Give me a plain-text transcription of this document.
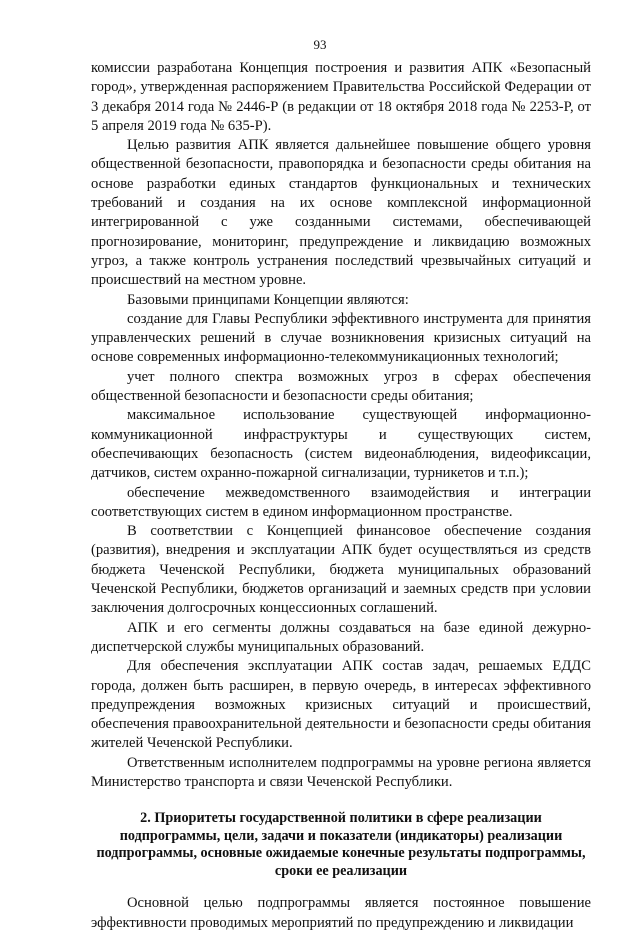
93

комиссии разработана Концепция построения и развития АПК «Безопасный город», утвержденная распоряжением Правительства Российской Федерации от 3 декабря 2014 года № 2446-Р (в редакции от 18 октября 2018 года № 2253-Р, от 5 апреля 2019 года № 635-Р).

Целью развития АПК является дальнейшее повышение общего уровня общественной безопасности, правопорядка и безопасности среды обитания на основе разработки единых стандартов функциональных и технических требований и создания на их основе комплексной информационной интегрированной с уже созданными системами, обеспечивающей прогнозирование, мониторинг, предупреждение и ликвидацию возможных угроз, а также контроль устранения последствий чрезвычайных ситуаций и происшествий на местном уровне.

Базовыми принципами Концепции являются:

создание для Главы Республики эффективного инструмента для принятия управленческих решений в случае возникновения кризисных ситуаций на основе современных информационно-телекоммуникационных технологий;

учет полного спектра возможных угроз в сферах обеспечения общественной безопасности и безопасности среды обитания;

максимальное использование существующей информационно-коммуникационной инфраструктуры и существующих систем, обеспечивающих безопасность (систем видеонаблюдения, видеофиксации, датчиков, систем охранно-пожарной сигнализации, турникетов и т.п.);

обеспечение межведомственного взаимодействия и интеграции соответствующих систем в едином информационном пространстве.

В соответствии с Концепцией финансовое обеспечение создания (развития), внедрения и эксплуатации АПК будет осуществляться из средств бюджета Чеченской Республики, бюджета муниципальных образований Чеченской Республики, бюджетов организаций и заемных средств при условии заключения долгосрочных концессионных соглашений.

АПК и его сегменты должны создаваться на базе единой дежурно-диспетчерской службы муниципальных образований.

Для обеспечения эксплуатации АПК состав задач, решаемых ЕДДС города, должен быть расширен, в первую очередь, в интересах эффективного предупреждения возможных кризисных ситуаций и происшествий, обеспечения правоохранительной деятельности и безопасности среды обитания жителей Чеченской Республики.

Ответственным исполнителем подпрограммы на уровне региона является Министерство транспорта и связи Чеченской Республики.

2. Приоритеты государственной политики в сфере реализации подпрограммы, цели, задачи и показатели (индикаторы) реализации подпрограммы, основные ожидаемые конечные результаты подпрограммы, сроки ее реализации

Основной целью подпрограммы является постоянное повышение эффективности проводимых мероприятий по предупреждению и ликвидации
